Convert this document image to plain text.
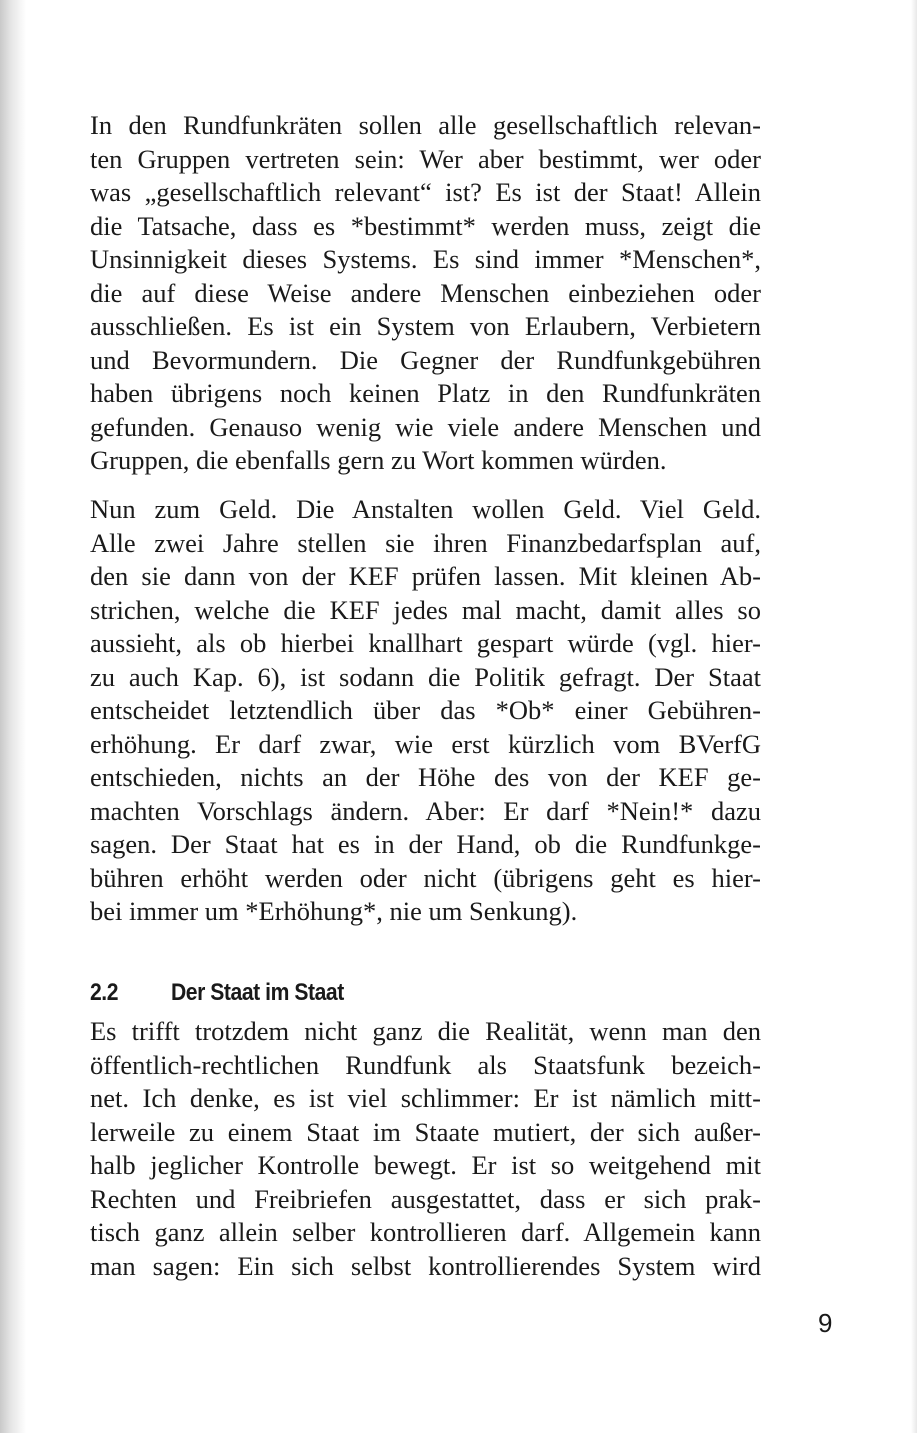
In den Rundfunkräten sollen alle gesellschaftlich relevan-
ten Gruppen vertreten sein: Wer aber bestimmt, wer oder
was „gesellschaftlich relevant“ ist? Es ist der Staat! Allein
die Tatsache, dass es *bestimmt* werden muss, zeigt die
Unsinnigkeit dieses Systems. Es sind immer *Menschen*,
die auf diese Weise andere Menschen einbeziehen oder
ausschließen. Es ist ein System von Erlaubern, Verbietern
und Bevormundern. Die Gegner der Rundfunkgebühren
haben übrigens noch keinen Platz in den Rundfunkräten
gefunden. Genauso wenig wie viele andere Menschen und
Gruppen, die ebenfalls gern zu Wort kommen würden.
Nun zum Geld. Die Anstalten wollen Geld. Viel Geld.
Alle zwei Jahre stellen sie ihren Finanzbedarfsplan auf,
den sie dann von der KEF prüfen lassen. Mit kleinen Ab-
strichen, welche die KEF jedes mal macht, damit alles so
aussieht, als ob hierbei knallhart gespart würde (vgl. hier-
zu auch Kap. 6), ist sodann die Politik gefragt. Der Staat
entscheidet letztendlich über das *Ob* einer Gebühren-
erhöhung. Er darf zwar, wie erst kürzlich vom BVerfG
entschieden, nichts an der Höhe des von der KEF ge-
machten Vorschlags ändern. Aber: Er darf *Nein!* dazu
sagen. Der Staat hat es in der Hand, ob die Rundfunkge-
bühren erhöht werden oder nicht (übrigens geht es hier-
bei immer um *Erhöhung*, nie um Senkung).
2.2 Der Staat im Staat
Es trifft trotzdem nicht ganz die Realität, wenn man den
öffentlich-rechtlichen Rundfunk als Staatsfunk bezeich-
net. Ich denke, es ist viel schlimmer: Er ist nämlich mitt-
lerweile zu einem Staat im Staate mutiert, der sich außer-
halb jeglicher Kontrolle bewegt. Er ist so weitgehend mit
Rechten und Freibriefen ausgestattet, dass er sich prak-
tisch ganz allein selber kontrollieren darf. Allgemein kann
man sagen: Ein sich selbst kontrollierendes System wird
9
